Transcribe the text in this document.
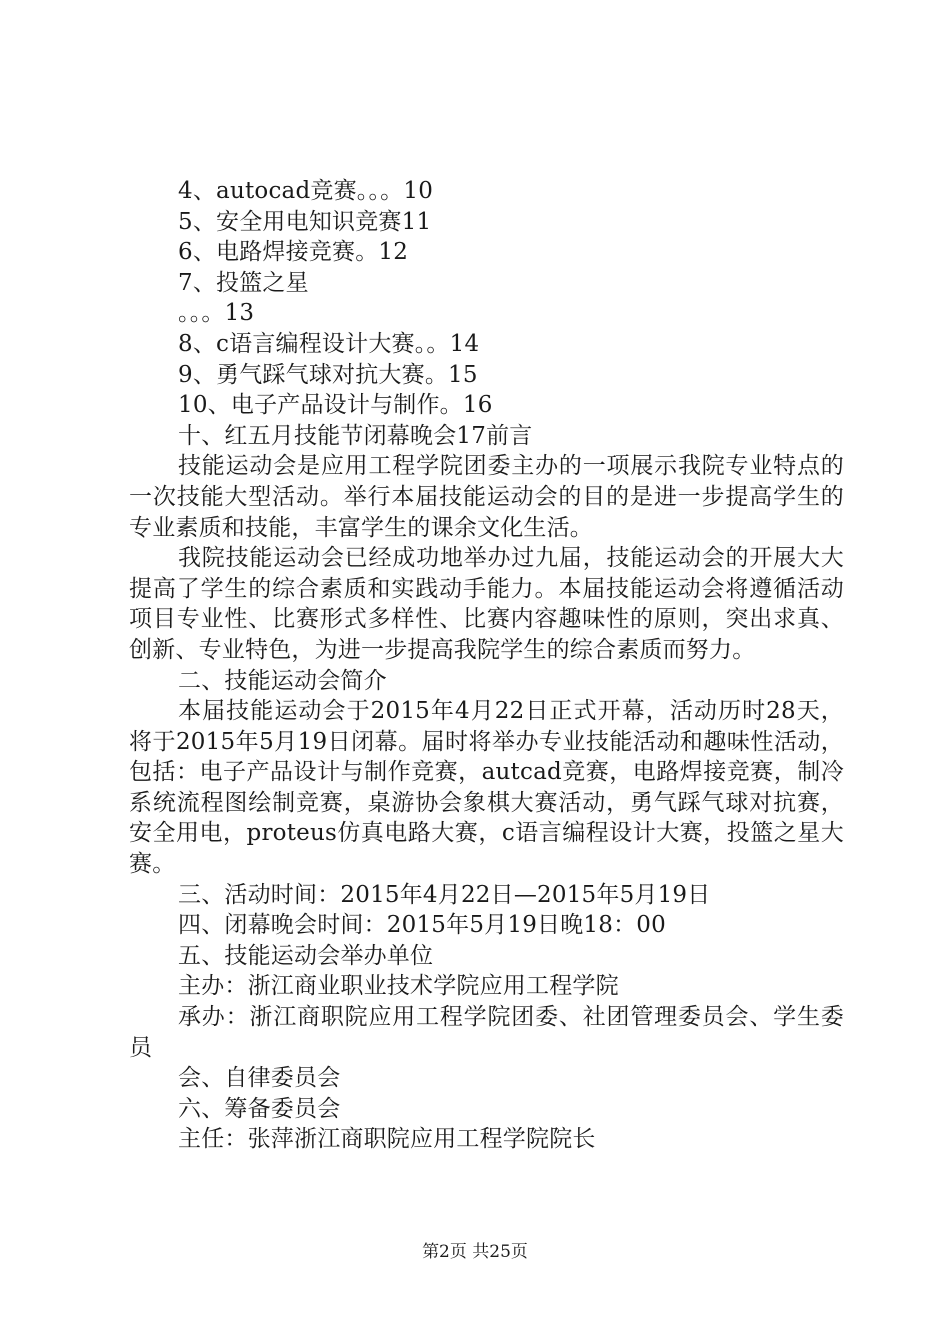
4、autocad竞赛。。。10
5、安全用电知识竞赛11
6、电路焊接竞赛。12
7、投篮之星
。。。13
8、c语言编程设计大赛。。14
9、勇气踩气球对抗大赛。15
10、电子产品设计与制作。16
十、红五月技能节闭幕晚会17前言

技能运动会是应用工程学院团委主办的一项展示我院专业特点的一次技能大型活动。举行本届技能运动会的目的是进一步提高学生的专业素质和技能，丰富学生的课余文化生活。

我院技能运动会已经成功地举办过九届，技能运动会的开展大大提高了学生的综合素质和实践动手能力。本届技能运动会将遵循活动项目专业性、比赛形式多样性、比赛内容趣味性的原则，突出求真、创新、专业特色，为进一步提高我院学生的综合素质而努力。

二、技能运动会简介

本届技能运动会于2015年4月22日正式开幕，活动历时28天，将于2015年5月19日闭幕。届时将举办专业技能活动和趣味性活动，包括：电子产品设计与制作竞赛，autcad竞赛，电路焊接竞赛，制冷系统流程图绘制竞赛，桌游协会象棋大赛活动，勇气踩气球对抗赛，安全用电，proteus仿真电路大赛，c语言编程设计大赛，投篮之星大赛。

三、活动时间：2015年4月22日—2015年5月19日
四、闭幕晚会时间：2015年5月19日晚18：00
五、技能运动会举办单位
主办：浙江商业职业技术学院应用工程学院

承办：浙江商职院应用工程学院团委、社团管理委员会、学生委员

会、自律委员会
六、筹备委员会
主任：张萍浙江商职院应用工程学院院长
第2页 共25页
